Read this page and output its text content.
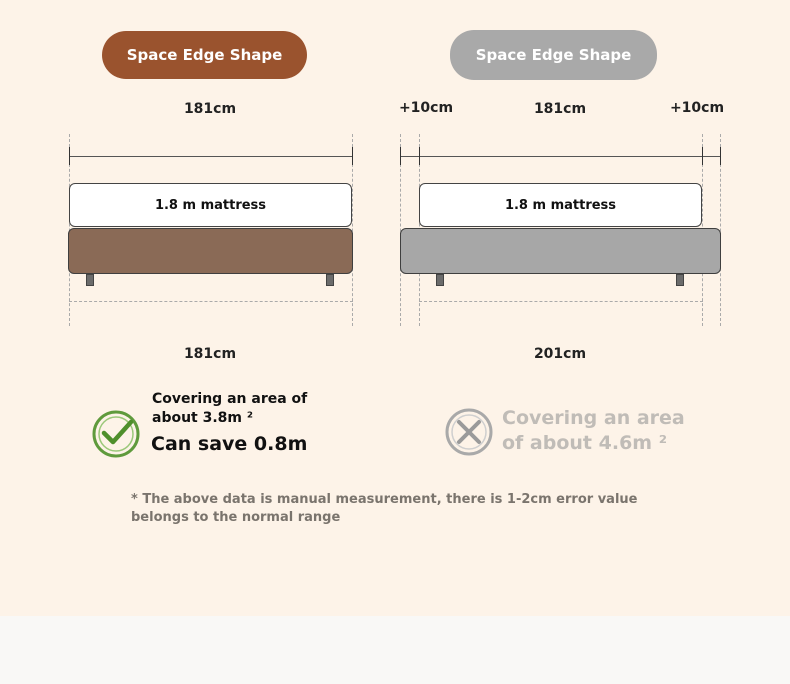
Space Edge Shape
181cm
1.8 m mattress
181cm
Covering an area of
about 3.8m ²
Can save 0.8m
Space Edge Shape
+10cm	181cm	+10cm
1.8 m mattress
201cm
Covering an area
of about 4.6m ²
* The above data is manual measurement, there is 1-2cm error value belongs to the normal range
